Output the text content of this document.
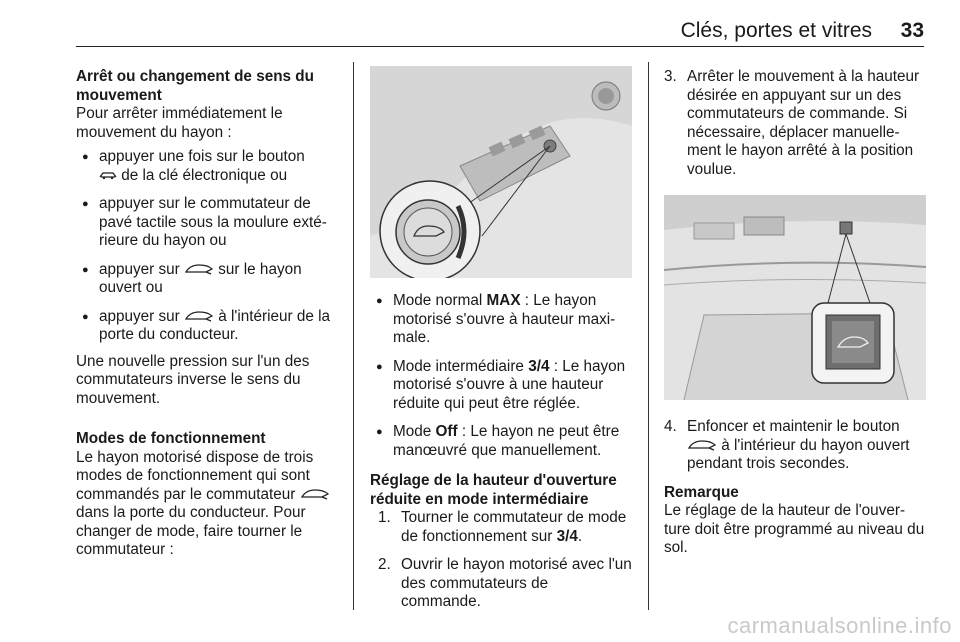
Clés, portes et vitres 33
Arrêt ou changement de sens du mouvement
Pour arrêter immédiatement le mouvement du hayon :
● appuyer une fois sur le bouton
de la clé électronique ou
● appuyer sur le commutateur de pavé tactile sous la moulure exté- rieure du hayon ou
● appuyer sur	sur le hayon ouvert ou
● appuyer sur	à l'intérieur de la porte du conducteur.
Une nouvelle pression sur l'un des commutateurs inverse le sens du mouvement.
Modes de fonctionnement
Le hayon motorisé dispose de trois modes de fonctionnement qui sont commandés par le commutateur  dans la porte du conducteur. Pour changer de mode, faire tourner le commutateur :
● Mode normal MAX : Le hayon motorisé s'ouvre à hauteur maxi- male.
● Mode intermédiaire 3/4 : Le hayon motorisé s'ouvre à une hauteur réduite qui peut être réglée.
● Mode Off : Le hayon ne peut être manœuvré que manuellement.
Réglage de la hauteur d'ouverture réduite en mode intermédiaire
1. Tourner le commutateur de mode de fonctionnement sur 3/4.
2. Ouvrir le hayon motorisé avec l'un des commutateurs de commande.
3. Arrêter le mouvement à la hauteur désirée en appuyant sur un des commutateurs de commande. Si nécessaire, déplacer manuelle- ment le hayon arrêté à la position voulue.
4. Enfoncer et maintenir le bouton
à l'intérieur du hayon ouvert pendant trois secondes.
Remarque
Le réglage de la hauteur de l'ouver- ture doit être programmé au niveau du sol.
carmanualsonline.info
